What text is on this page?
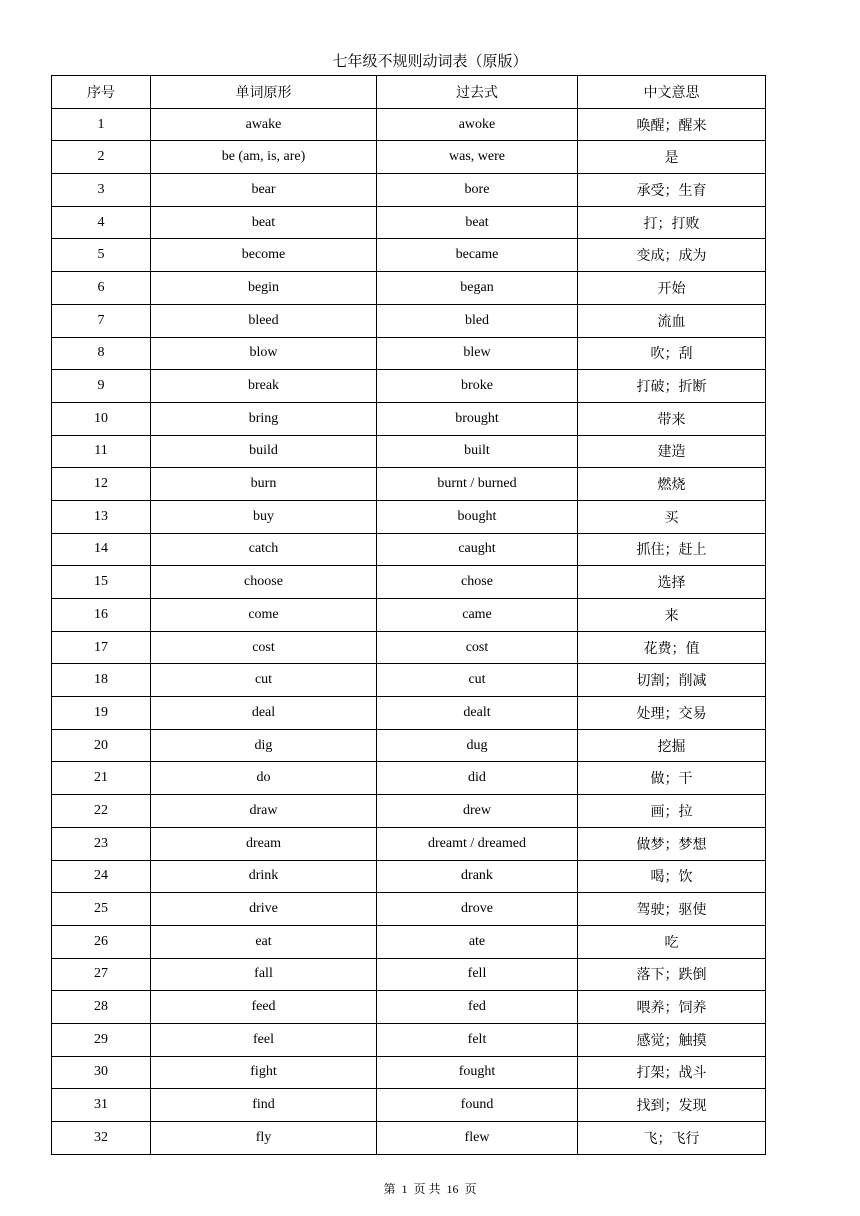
七年级不规则动词表（原版）
序号	单词原形	过去式	中文意思
1	awake	awoke	唤醒；醒来
2	be (am, is, are)	was, were	是
3	bear	bore	承受；生育
4	beat	beat	打；打败
5	become	became	变成；成为
6	begin	began	开始
7	bleed	bled	流血
8	blow	blew	吹；刮
9	break	broke	打破；折断
10	bring	brought	带来
11	build	built	建造
12	burn	burnt / burned	燃烧
13	buy	bought	买
14	catch	caught	抓住；赶上
15	choose	chose	选择
16	come	came	来
17	cost	cost	花费；值
18	cut	cut	切割；削减
19	deal	dealt	处理；交易
20	dig	dug	挖掘
21	do	did	做；干
22	draw	drew	画；拉
23	dream	dreamt / dreamed	做梦；梦想
24	drink	drank	喝；饮
25	drive	drove	驾驶；驱使
26	eat	ate	吃
27	fall	fell	落下；跌倒
28	feed	fed	喂养；饲养
29	feel	felt	感觉；触摸
30	fight	fought	打架；战斗
31	find	found	找到；发现
32	fly	flew	飞；飞行
第 1 页 共 16 页
